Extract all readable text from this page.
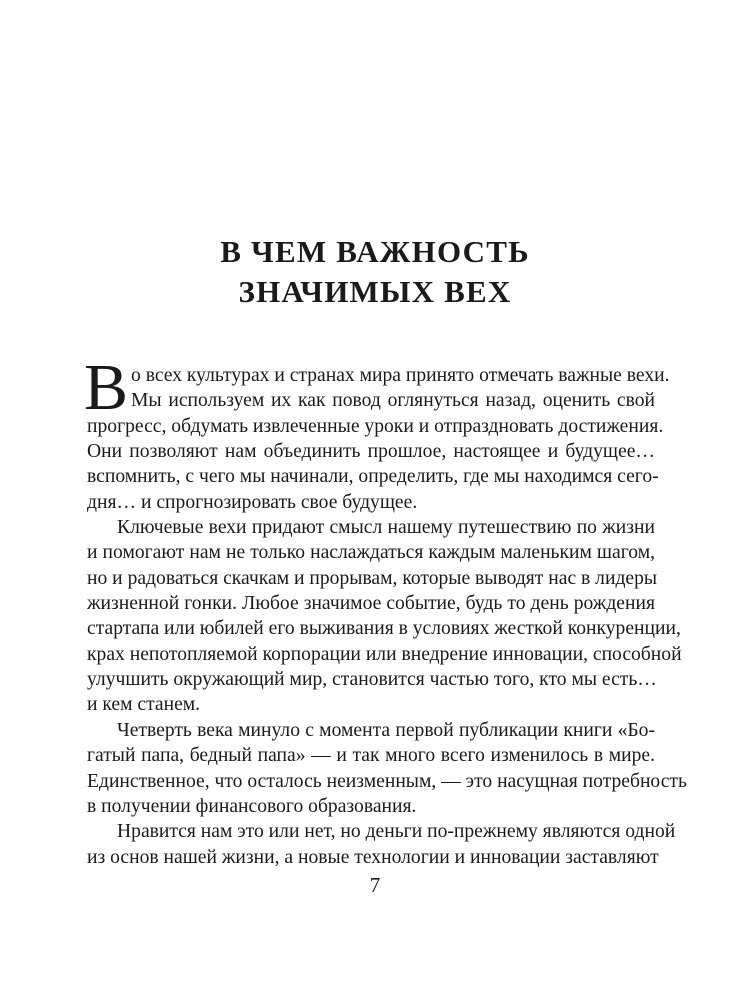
В ЧЕМ ВАЖНОСТЬ
ЗНАЧИМЫХ ВЕХ
В о всех культурах и странах мира принято отмечать важные вехи.
Мы используем их как повод оглянуться назад, оценить свой
прогресс, обдумать извлеченные уроки и отпраздновать достижения.
Они позволяют нам объединить прошлое, настоящее и будущее…
вспомнить, с чего мы начинали, определить, где мы находимся сего-
дня… и спрогнозировать свое будущее.
Ключевые вехи придают смысл нашему путешествию по жизни
и помогают нам не только наслаждаться каждым маленьким шагом,
но и радоваться скачкам и прорывам, которые выводят нас в лидеры
жизненной гонки. Любое значимое событие, будь то день рождения
стартапа или юбилей его выживания в условиях жесткой конкуренции,
крах непотопляемой корпорации или внедрение инновации, способной
улучшить окружающий мир, становится частью того, кто мы есть…
и кем станем.
Четверть века минуло с момента первой публикации книги «Бо-
гатый папа, бедный папа» — и так много всего изменилось в мире.
Единственное, что осталось неизменным, — это насущная потребность
в получении финансового образования.
Нравится нам это или нет, но деньги по-прежнему являются одной
из основ нашей жизни, а новые технологии и инновации заставляют
7
